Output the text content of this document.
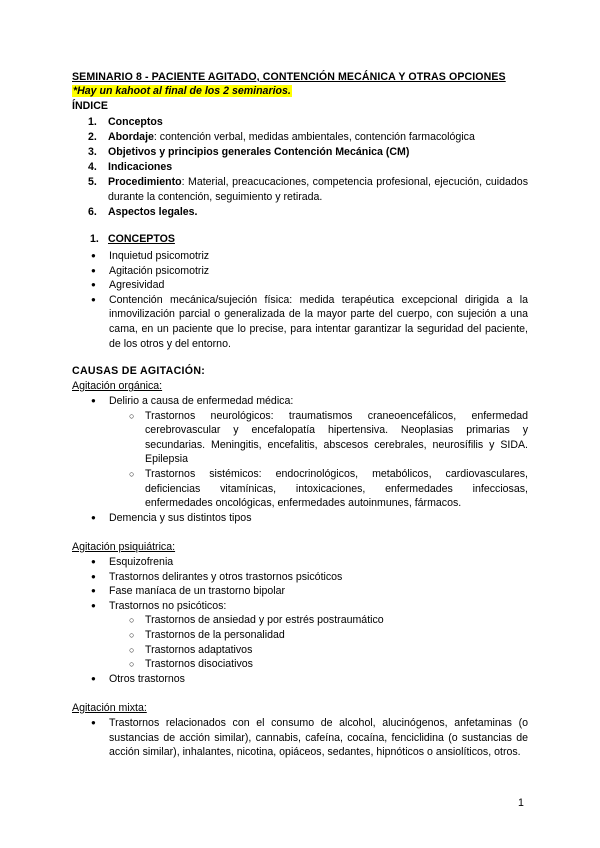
SEMINARIO 8 - PACIENTE AGITADO, CONTENCIÓN MECÁNICA Y OTRAS OPCIONES
*Hay un kahoot al final de los 2 seminarios.
ÍNDICE
1. Conceptos
2. Abordaje: contención verbal, medidas ambientales, contención farmacológica
3. Objetivos y principios generales Contención Mecánica (CM)
4. Indicaciones
5. Procedimiento: Material, preacucaciones, competencia profesional, ejecución, cuidados durante la contención, seguimiento y retirada.
6. Aspectos legales.
1. CONCEPTOS
● Inquietud psicomotriz
● Agitación psicomotriz
● Agresividad
● Contención mecánica/sujeción física: medida terapéutica excepcional dirigida a la inmovilización parcial o generalizada de la mayor parte del cuerpo, con sujeción a una cama, en un paciente que lo precise, para intentar garantizar la seguridad del paciente, de los otros y del entorno.
CAUSAS DE AGITACIÓN:
Agitación orgánica:
● Delirio a causa de enfermedad médica:
○ Trastornos neurológicos: traumatismos craneoencefálicos, enfermedad cerebrovascular y encefalopatía hipertensiva. Neoplasias primarias y secundarias. Meningitis, encefalitis, abscesos cerebrales, neurosífilis y SIDA. Epilepsia
○ Trastornos sistémicos: endocrinológicos, metabólicos, cardiovasculares, deficiencias vitamínicas, intoxicaciones, enfermedades infecciosas, enfermedades oncológicas, enfermedades autoinmunes, fármacos.
● Demencia y sus distintos tipos
Agitación psiquiátrica:
● Esquizofrenia
● Trastornos delirantes y otros trastornos psicóticos
● Fase maníaca de un trastorno bipolar
● Trastornos no psicóticos:
○ Trastornos de ansiedad y por estrés postraumático
○ Trastornos de la personalidad
○ Trastornos adaptativos
○ Trastornos disociativos
● Otros trastornos
Agitación mixta:
● Trastornos relacionados con el consumo de alcohol, alucinógenos, anfetaminas (o sustancias de acción similar), cannabis, cafeína, cocaína, fenciclidina (o sustancias de acción similar), inhalantes, nicotina, opiáceos, sedantes, hipnóticos o ansiolíticos, otros.
1
